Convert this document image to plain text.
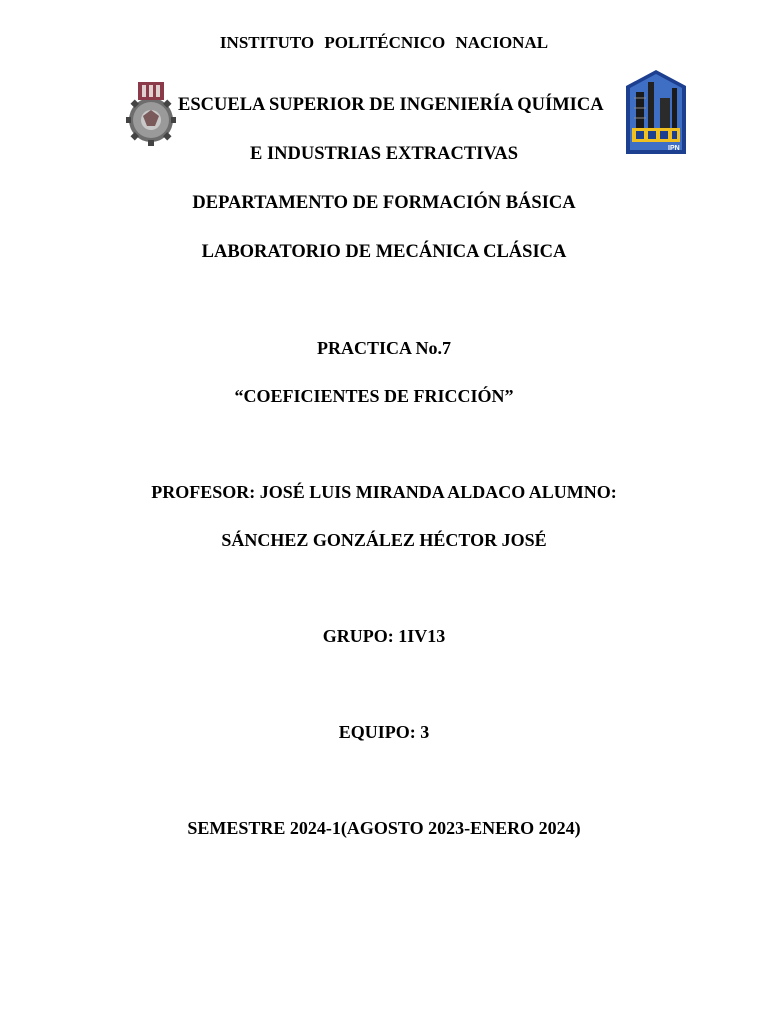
IPN
INSTITUTO POLITÉCNICO NACIONAL
ESCUELA SUPERIOR DE INGENIERÍA QUÍMICA
E INDUSTRIAS EXTRACTIVAS
DEPARTAMENTO DE FORMACIÓN BÁSICA
LABORATORIO DE MECÁNICA CLÁSICA
PRACTICA No.7
“COEFICIENTES DE FRICCIÓN”
PROFESOR: JOSÉ LUIS MIRANDA ALDACO ALUMNO:
SÁNCHEZ GONZÁLEZ HÉCTOR JOSÉ
GRUPO: 1IV13
EQUIPO: 3
SEMESTRE 2024-1(AGOSTO 2023-ENERO 2024)
